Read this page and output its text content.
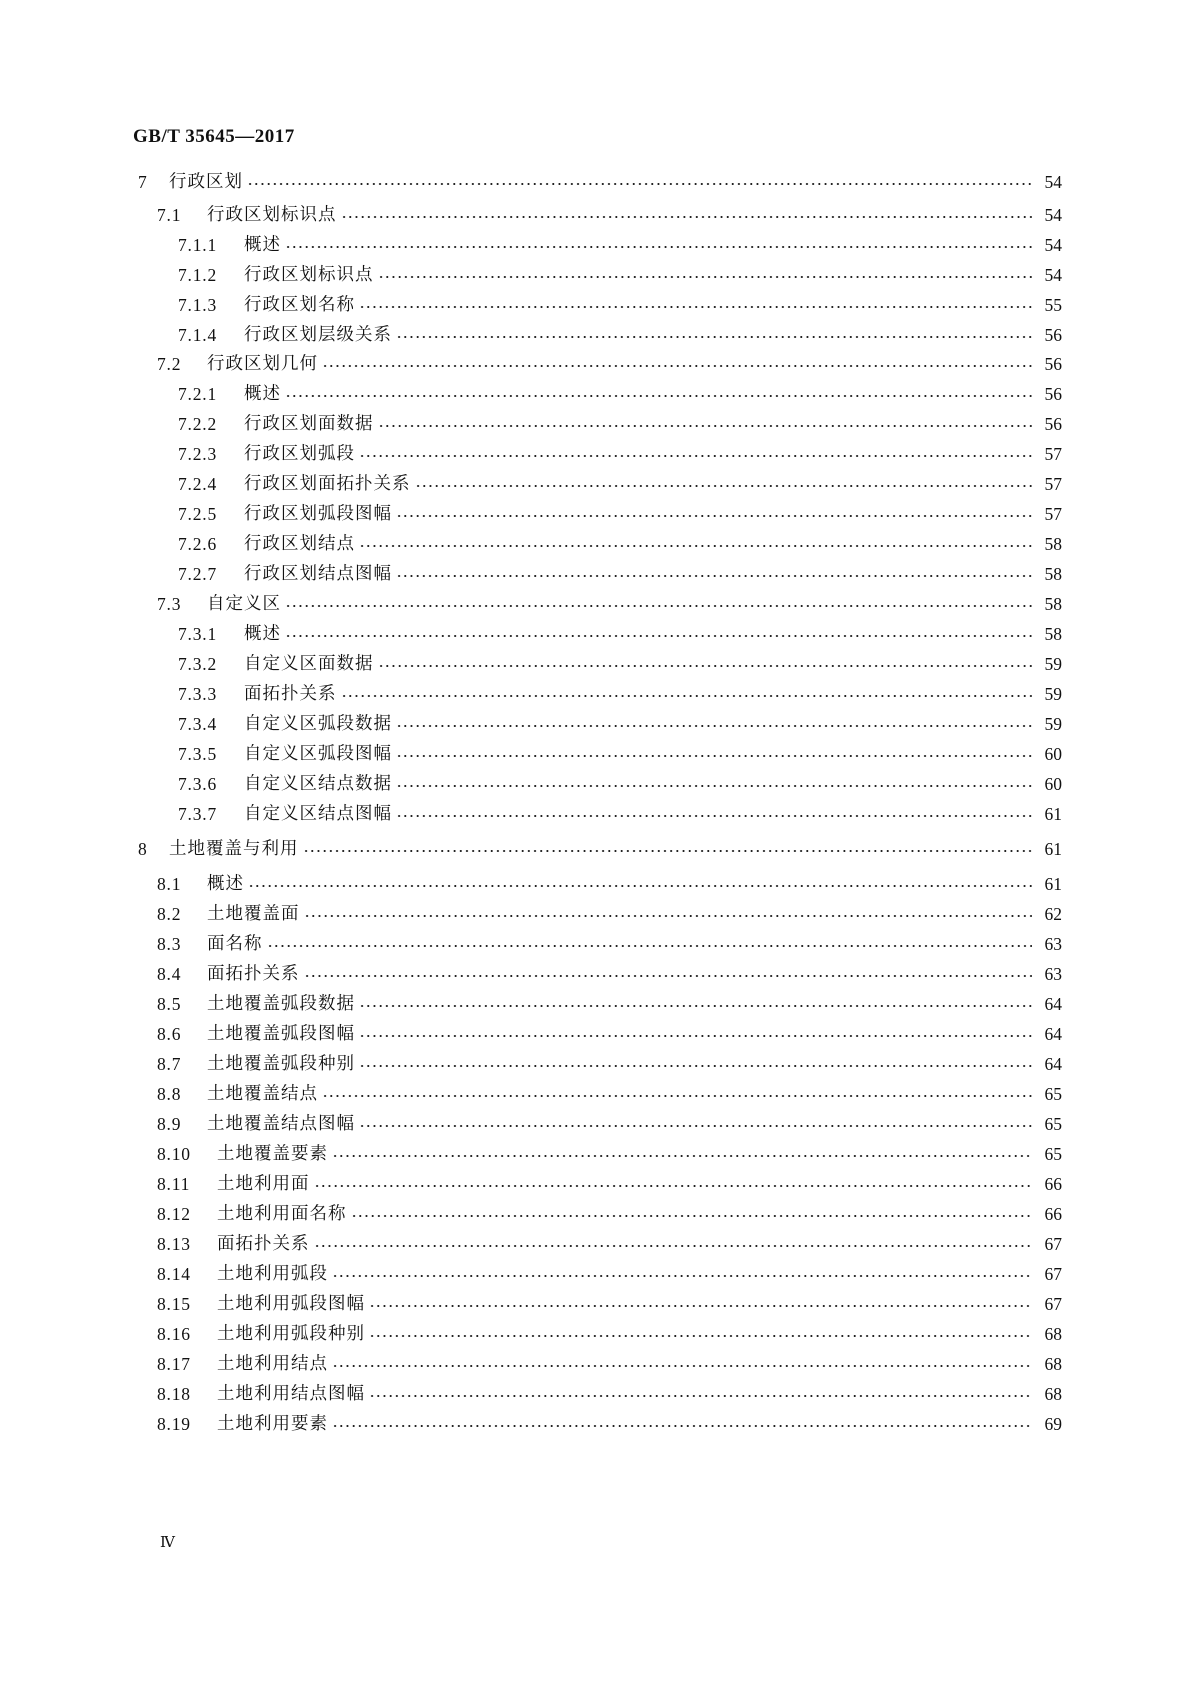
GB/T 35645—2017
7	行政区划	54
7.1	行政区划标识点	54
7.1.1	概述	54
7.1.2	行政区划标识点	54
7.1.3	行政区划名称	55
7.1.4	行政区划层级关系	56
7.2	行政区划几何	56
7.2.1	概述	56
7.2.2	行政区划面数据	56
7.2.3	行政区划弧段	57
7.2.4	行政区划面拓扑关系	57
7.2.5	行政区划弧段图幅	57
7.2.6	行政区划结点	58
7.2.7	行政区划结点图幅	58
7.3	自定义区	58
7.3.1	概述	58
7.3.2	自定义区面数据	59
7.3.3	面拓扑关系	59
7.3.4	自定义区弧段数据	59
7.3.5	自定义区弧段图幅	60
7.3.6	自定义区结点数据	60
7.3.7	自定义区结点图幅	61
8	土地覆盖与利用	61
8.1	概述	61
8.2	土地覆盖面	62
8.3	面名称	63
8.4	面拓扑关系	63
8.5	土地覆盖弧段数据	64
8.6	土地覆盖弧段图幅	64
8.7	土地覆盖弧段种别	64
8.8	土地覆盖结点	65
8.9	土地覆盖结点图幅	65
8.10	土地覆盖要素	65
8.11	土地利用面	66
8.12	土地利用面名称	66
8.13	面拓扑关系	67
8.14	土地利用弧段	67
8.15	土地利用弧段图幅	67
8.16	土地利用弧段种别	68
8.17	土地利用结点	68
8.18	土地利用结点图幅	68
8.19	土地利用要素	69
Ⅳ
